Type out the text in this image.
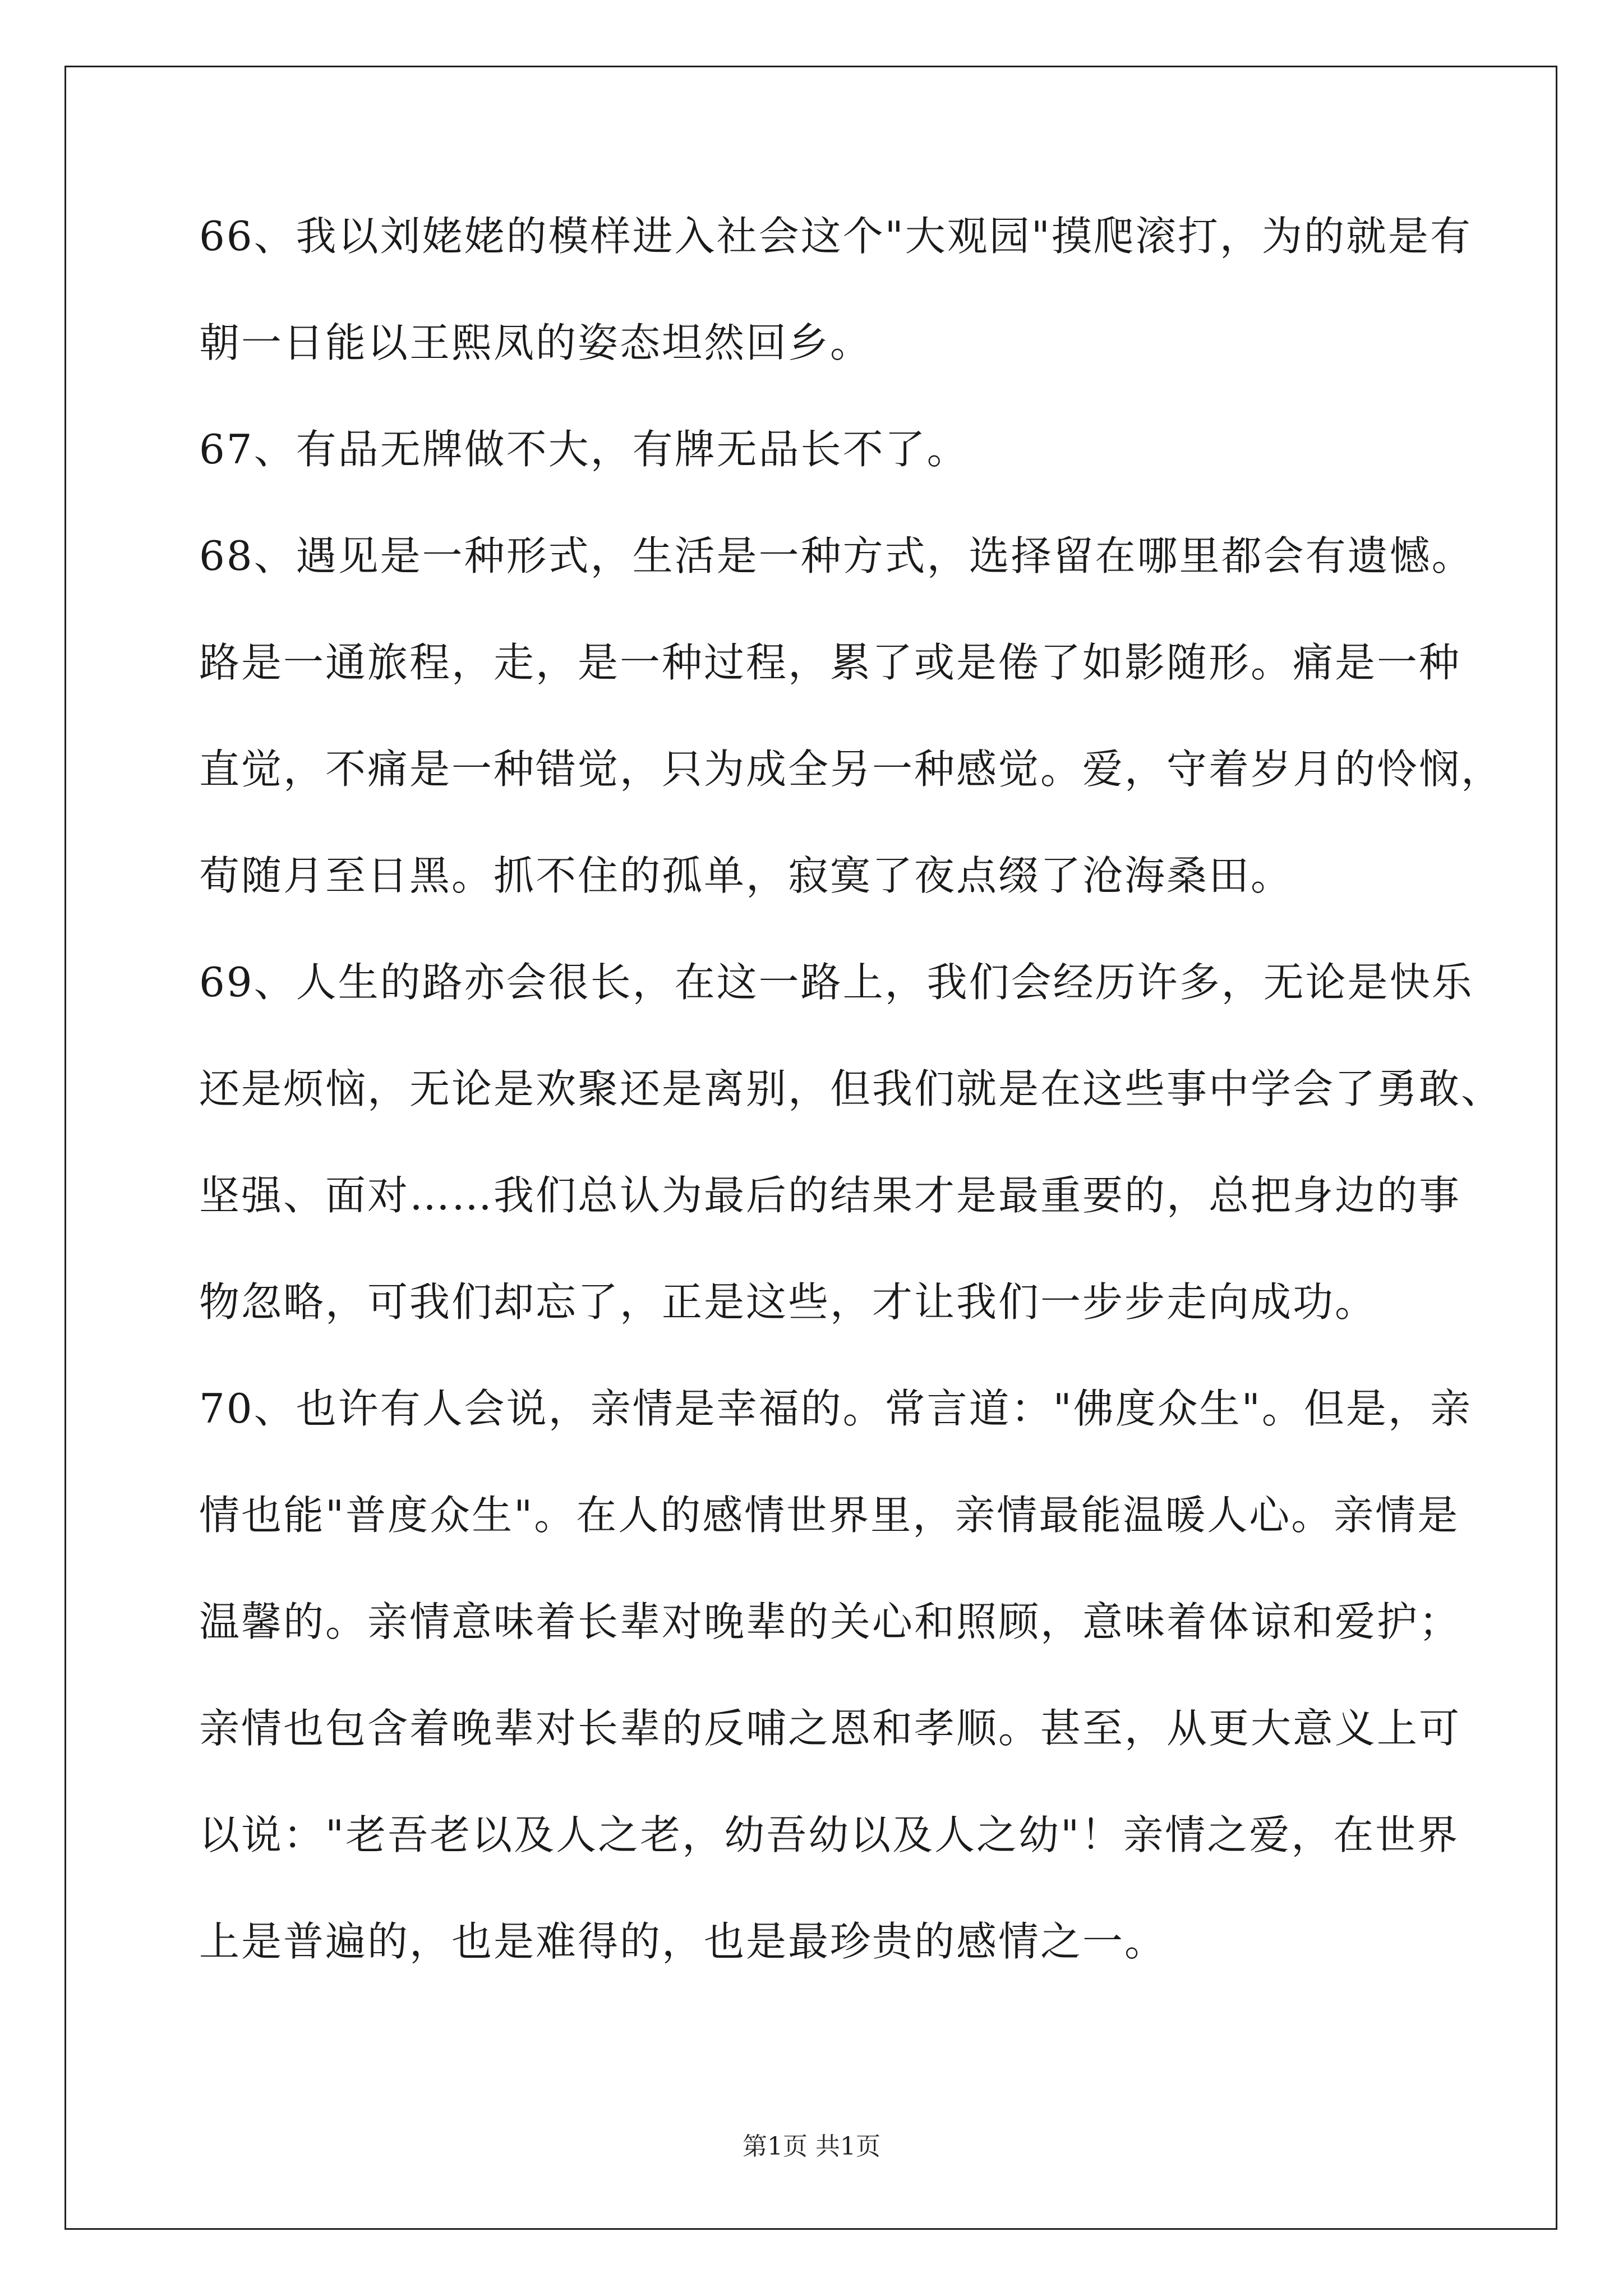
66、我以刘姥姥的模样进入社会这个"大观园"摸爬滚打，为的就是有
朝一日能以王熙凤的姿态坦然回乡。
67、有品无牌做不大，有牌无品长不了。
68、遇见是一种形式，生活是一种方式，选择留在哪里都会有遗憾。
路是一通旅程，走，是一种过程，累了或是倦了如影随形。痛是一种
直觉，不痛是一种错觉，只为成全另一种感觉。爱，守着岁月的怜悯，
荀随月至日黑。抓不住的孤单，寂寞了夜点缀了沧海桑田。
69、人生的路亦会很长，在这一路上，我们会经历许多，无论是快乐
还是烦恼，无论是欢聚还是离别，但我们就是在这些事中学会了勇敢、
坚强、面对……我们总认为最后的结果才是最重要的，总把身边的事
物忽略，可我们却忘了，正是这些，才让我们一步步走向成功。
70、也许有人会说，亲情是幸福的。常言道："佛度众生"。但是，亲
情也能"普度众生"。在人的感情世界里，亲情最能温暖人心。亲情是
温馨的。亲情意味着长辈对晚辈的关心和照顾，意味着体谅和爱护；
亲情也包含着晚辈对长辈的反哺之恩和孝顺。甚至，从更大意义上可
以说："老吾老以及人之老，幼吾幼以及人之幼"！亲情之爱，在世界
上是普遍的，也是难得的，也是最珍贵的感情之一。
第1页 共1页
